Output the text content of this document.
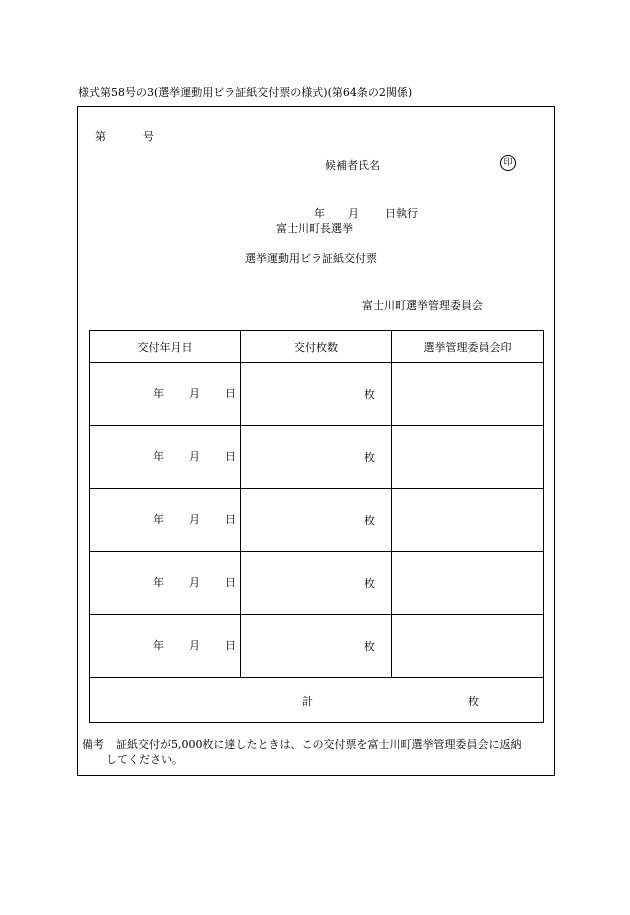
様式第58号の3(選挙運動用ビラ証紙交付票の様式)(第64条の2関係)
第	号
候補者氏名	印
年 月 日執行
富士川町長選挙
選挙運動用ビラ証紙交付票
富士川町選挙管理委員会
交付年月日	交付枚数	選挙管理委員会印

年 月 日	枚	

年 月 日	枚	

年 月 日	枚	

年 月 日	枚	

年 月 日	枚	

計 枚		
備考 証紙交付が5,000枚に達したときは、この交付票を富士川町選挙管理委員会に返納
してください。
